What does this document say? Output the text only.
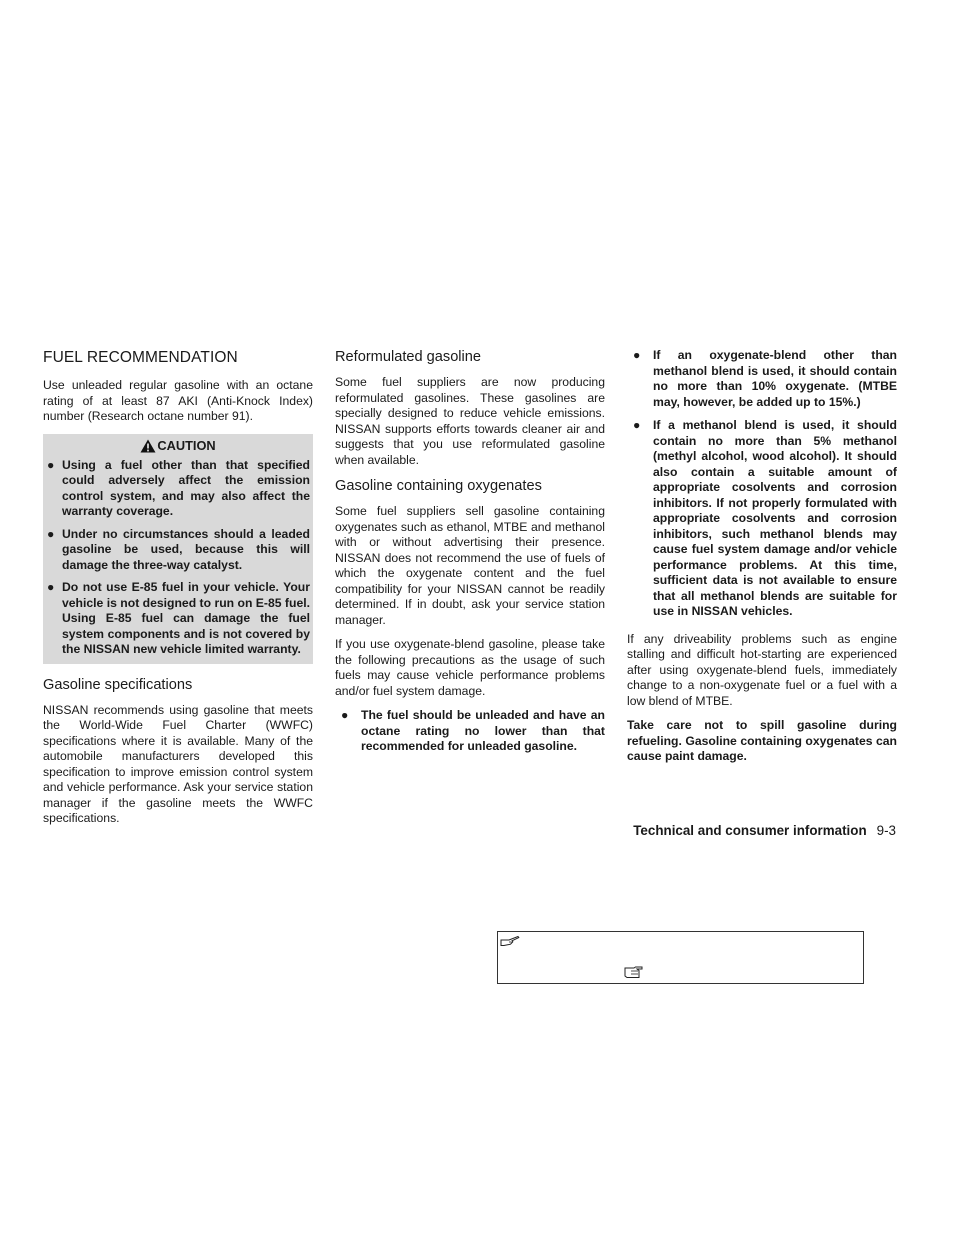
FUEL RECOMMENDATION

Use unleaded regular gasoline with an octane rating of at least 87 AKI (Anti-Knock Index) number (Research octane number 91).

CAUTION
● Using a fuel other than that specified could adversely affect the emission control system, and may also affect the warranty coverage.
● Under no circumstances should a leaded gasoline be used, because this will damage the three-way catalyst.
● Do not use E-85 fuel in your vehicle. Your vehicle is not designed to run on E-85 fuel. Using E-85 fuel can damage the fuel system components and is not covered by the NISSAN new vehicle limited warranty.
Gasoline specifications

NISSAN recommends using gasoline that meets the World-Wide Fuel Charter (WWFC) specifications where it is available. Many of the automobile manufacturers developed this specification to improve emission control system and vehicle performance. Ask your service station manager if the gasoline meets the WWFC specifications.

Reformulated gasoline

Some fuel suppliers are now producing reformulated gasolines. These gasolines are specially designed to reduce vehicle emissions. NISSAN supports efforts towards cleaner air and suggests that you use reformulated gasoline when available.

Gasoline containing oxygenates

Some fuel suppliers sell gasoline containing oxygenates such as ethanol, MTBE and methanol with or without advertising their presence. NISSAN does not recommend the use of fuels of which the oxygenate content and the fuel compatibility for your NISSAN cannot be readily determined. If in doubt, ask your service station manager.

If you use oxygenate-blend gasoline, please take the following precautions as the usage of such fuels may cause vehicle performance problems and/or fuel system damage.

● The fuel should be unleaded and have an octane rating no lower than that recommended for unleaded gasoline.
● If an oxygenate-blend other than methanol blend is used, it should contain no more than 10% oxygenate. (MTBE may, however, be added up to 15%.)
● If a methanol blend is used, it should contain no more than 5% methanol (methyl alcohol, wood alcohol). It should also contain a suitable amount of appropriate cosolvents and corrosion inhibitors. If not properly formulated with appropriate cosolvents and corrosion inhibitors, such methanol blends may cause fuel system damage and/or vehicle performance problems. At this time, sufficient data is not available to ensure that all methanol blends are suitable for use in NISSAN vehicles.

If any driveability problems such as engine stalling and difficult hot-starting are experienced after using oxygenate-blend fuels, immediately change to a non-oxygenate fuel or a fuel with a low blend of MTBE.

Take care not to spill gasoline during refueling. Gasoline containing oxygenates can cause paint damage.

Technical and consumer information 9-3
